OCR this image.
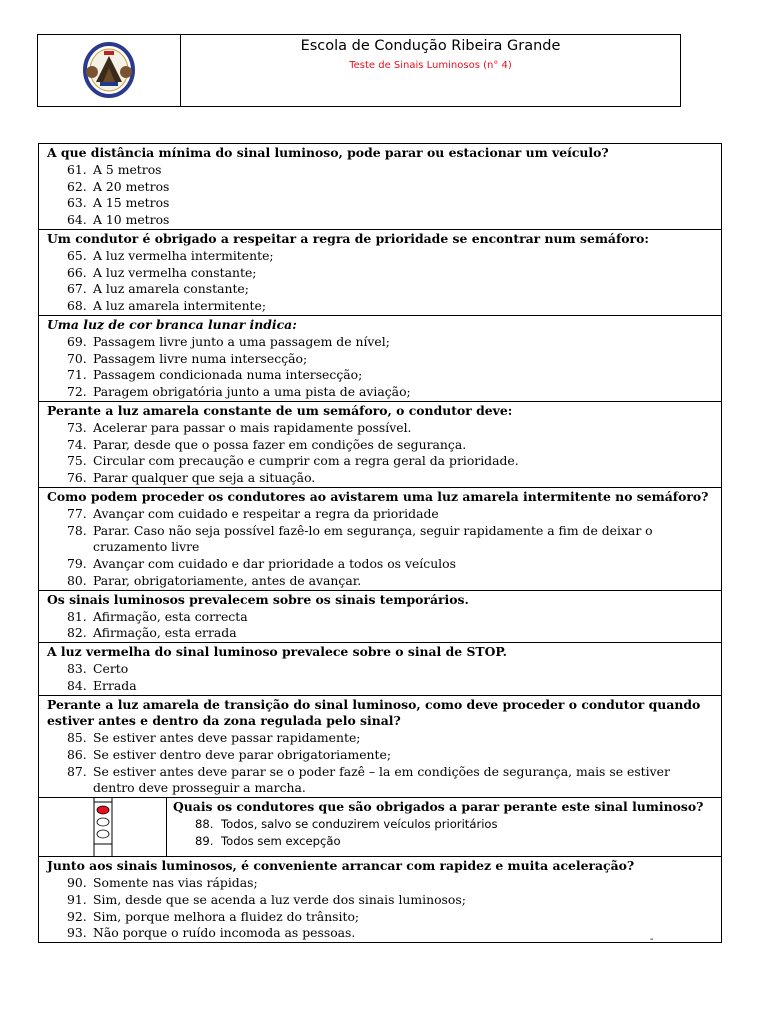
Escola de Condução Ribeira Grande
Teste de Sinais Luminosos (n° 4)
A que distância mínima do sinal luminoso, pode parar ou estacionar um veículo?
61. A 5 metros
62. A 20 metros
63. A 15 metros
64. A 10 metros
Um condutor é obrigado a respeitar a regra de prioridade se encontrar num semáforo:
65. A luz vermelha intermitente;
66. A luz vermelha constante;
67. A luz amarela constante;
68. A luz amarela intermitente;
Uma luz de cor branca lunar indica:
69. Passagem livre junto a uma passagem de nível;
70. Passagem livre numa intersecção;
71. Passagem condicionada numa intersecção;
72. Paragem obrigatória junto a uma pista de aviação;
Perante a luz amarela constante de um semáforo, o condutor deve:
73. Acelerar para passar o mais rapidamente possível.
74. Parar, desde que o possa fazer em condições de segurança.
75. Circular com precaução e cumprir com a regra geral da prioridade.
76. Parar qualquer que seja a situação.
Como podem proceder os condutores ao avistarem uma luz amarela intermitente no semáforo?
77. Avançar com cuidado e respeitar a regra da prioridade
78. Parar. Caso não seja possível fazê-lo em segurança, seguir rapidamente a fim de deixar o cruzamento livre
79. Avançar com cuidado e dar prioridade a todos os veículos
80. Parar, obrigatoriamente, antes de avançar.
Os sinais luminosos prevalecem sobre os sinais temporários.
81. Afirmação, esta correcta
82. Afirmação, esta errada
A luz vermelha do sinal luminoso prevalece sobre o sinal de STOP.
83. Certo
84. Errada
Perante a luz amarela de transição do sinal luminoso, como deve proceder o condutor quando estiver antes e dentro da zona regulada pelo sinal?
85. Se estiver antes deve passar rapidamente;
86. Se estiver dentro deve parar obrigatoriamente;
87. Se estiver antes deve parar se o poder fazê – la em condições de segurança, mais se estiver dentro deve prosseguir a marcha.
Quais os condutores que são obrigados a parar perante este sinal luminoso?
88. Todos, salvo se conduzirem veículos prioritários
89. Todos sem excepção
Junto aos sinais luminosos, é conveniente arrancar com rapidez e muita aceleração?
90. Somente nas vias rápidas;
91. Sim, desde que se acenda a luz verde dos sinais luminosos;
92. Sim, porque melhora a fluidez do trânsito;
93. Não porque o ruído incomoda as pessoas.	-
